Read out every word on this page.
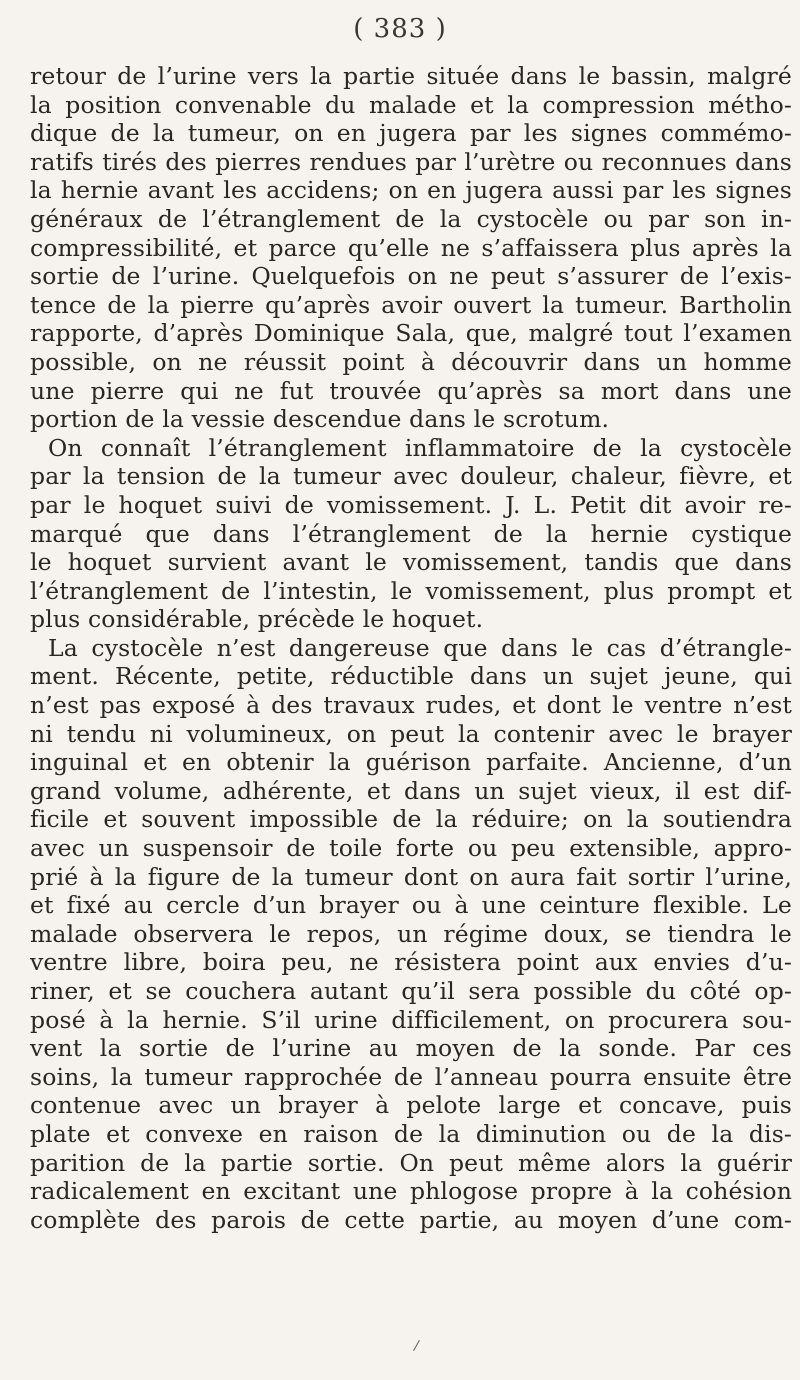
( 383 )
retour de l’urine vers la partie située dans le bassin, malgré
la position convenable du malade et la compression métho-
dique de la tumeur, on en jugera par les signes commémo-
ratifs tirés des pierres rendues par l’urètre ou reconnues dans
la hernie avant les accidens; on en jugera aussi par les signes
généraux de l’étranglement de la cystocèle ou par son in-
compressibilité, et parce qu’elle ne s’affaissera plus après la
sortie de l’urine. Quelquefois on ne peut s’assurer de l’exis-
tence de la pierre qu’après avoir ouvert la tumeur. Bartholin
rapporte, d’après Dominique Sala, que, malgré tout l’examen
possible, on ne réussit point à découvrir dans un homme
une pierre qui ne fut trouvée qu’après sa mort dans une
portion de la vessie descendue dans le scrotum.
On connaît l’étranglement inflammatoire de la cystocèle
par la tension de la tumeur avec douleur, chaleur, fièvre, et
par le hoquet suivi de vomissement. J. L. Petit dit avoir re-
marqué que dans l’étranglement de la hernie cystique
le hoquet survient avant le vomissement, tandis que dans
l’étranglement de l’intestin, le vomissement, plus prompt et
plus considérable, précède le hoquet.
La cystocèle n’est dangereuse que dans le cas d’étrangle-
ment. Récente, petite, réductible dans un sujet jeune, qui
n’est pas exposé à des travaux rudes, et dont le ventre n’est
ni tendu ni volumineux, on peut la contenir avec le brayer
inguinal et en obtenir la guérison parfaite. Ancienne, d’un
grand volume, adhérente, et dans un sujet vieux, il est dif-
ficile et souvent impossible de la réduire; on la soutiendra
avec un suspensoir de toile forte ou peu extensible, appro-
prié à la figure de la tumeur dont on aura fait sortir l’urine,
et fixé au cercle d’un brayer ou à une ceinture flexible. Le
malade observera le repos, un régime doux, se tiendra le
ventre libre, boira peu, ne résistera point aux envies d’u-
riner, et se couchera autant qu’il sera possible du côté op-
posé à la hernie. S’il urine difficilement, on procurera sou-
vent la sortie de l’urine au moyen de la sonde. Par ces
soins, la tumeur rapprochée de l’anneau pourra ensuite être
contenue avec un brayer à pelote large et concave, puis
plate et convexe en raison de la diminution ou de la dis-
parition de la partie sortie. On peut même alors la guérir
radicalement en excitant une phlogose propre à la cohésion
complète des parois de cette partie, au moyen d’une com-
/
